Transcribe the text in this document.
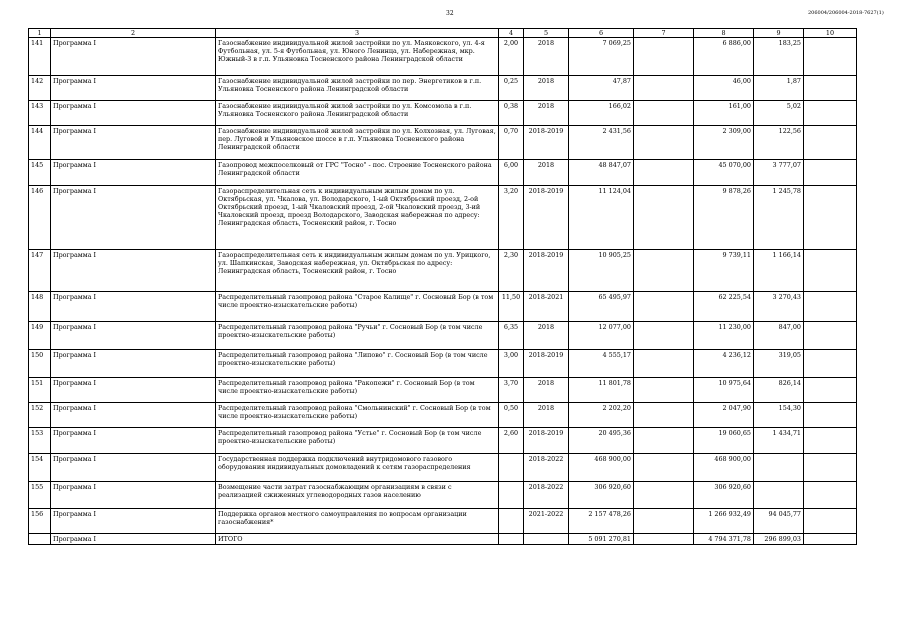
32	206004/206004-2018-7627(1)
1	2	3	4	5	6	7	8	9	10
141	Программа I	Газоснабжение индивидуальной жилой застройки по ул. Маяковского, ул. 4-я Футбольная, ул. 5-я Футбольная, ул. Юного Ленинца, ул. Набережная, мкр. Южный-3 в г.п. Ульяновка Тосненского района Ленинградской области	2,00	2018	7 069,25		6 886,00	183,25	
142	Программа I	Газоснабжение индивидуальной жилой застройки по пер. Энергетиков в г.п. Ульяновка Тосненского района Ленинградской области	0,25	2018	47,87		46,00	1,87	
143	Программа I	Газоснабжение индивидуальной жилой застройки по ул. Комсомола в г.п. Ульяновка Тосненского района Ленинградской области	0,38	2018	166,02		161,00	5,02	
144	Программа I	Газоснабжение индивидуальной жилой застройки по ул. Колхозная, ул. Луговая, пер. Луговой и Ульяновское шоссе в г.п. Ульяновка Тосненского района Ленинградской области	0,70	2018-2019	2 431,56		2 309,00	122,56	
145	Программа I	Газопровод межпоселковый от ГРС "Тосно" - пос. Строение Тосненского района Ленинградской области	6,00	2018	48 847,07		45 070,00	3 777,07	
146	Программа I	Газораспределительная сеть к индивидуальным жилым домам по ул. Октябрьская, ул. Чкалова, ул. Володарского, 1-ый Октябрьский проезд, 2-ой Октябрьский проезд, 1-ый Чкаловский проезд, 2-ой Чкаловский проезд, 3-ий Чкаловский проезд, проезд Володарского, Заводская набережная по адресу: Ленинградская область, Тосненский район, г. Тосно	3,20	2018-2019	11 124,04		9 878,26	1 245,78	
147	Программа I	Газораспределительная сеть к индивидуальным жилым домам по ул. Урицкого, ул. Шапкинская, Заводская набережная, ул. Октябрьская по адресу: Ленинградская область, Тосненский район, г. Тосно	2,30	2018-2019	10 905,25		9 739,11	1 166,14	
148	Программа I	Распределительный газопровод района "Старое Калище" г. Сосновый Бор (в том числе проектно-изыскательские работы)	11,50	2018-2021	65 495,97		62 225,54	3 270,43	
149	Программа I	Распределительный газопровод района "Ручьи" г. Сосновый Бор (в том числе проектно-изыскательские работы)	6,35	2018	12 077,00		11 230,00	847,00	
150	Программа I	Распределительный газопровод района "Липово" г. Сосновый Бор (в том числе проектно-изыскательские работы)	3,00	2018-2019	4 555,17		4 236,12	319,05	
151	Программа I	Распределительный газопровод района "Ракопежи" г. Сосновый Бор (в том числе проектно-изыскательские работы)	3,70	2018	11 801,78		10 975,64	826,14	
152	Программа I	Распределительный газопровод района "Смольнинский" г. Сосновый Бор (в том числе проектно-изыскательские работы)	0,50	2018	2 202,20		2 047,90	154,30	
153	Программа I	Распределительный газопровод района "Устье" г. Сосновый Бор (в том числе проектно-изыскательские работы)	2,60	2018-2019	20 495,36		19 060,65	1 434,71	
154	Программа I	Государственная поддержка подключений внутридомового газового оборудования индивидуальных домовладений к сетям газораспределения		2018-2022	468 900,00		468 900,00		
155	Программа I	Возмещение части затрат газоснабжающим организациям в связи с реализацией сжиженных углеводородных газов населению		2018-2022	306 920,60		306 920,60		
156	Программа I	Поддержка органов местного самоуправления по вопросам организации газоснабжения*		2021-2022	2 157 478,26		1 266 932,49	94 045,77	
	Программа I	ИТОГО			5 091 270,81		4 794 371,78	296 899,03	
